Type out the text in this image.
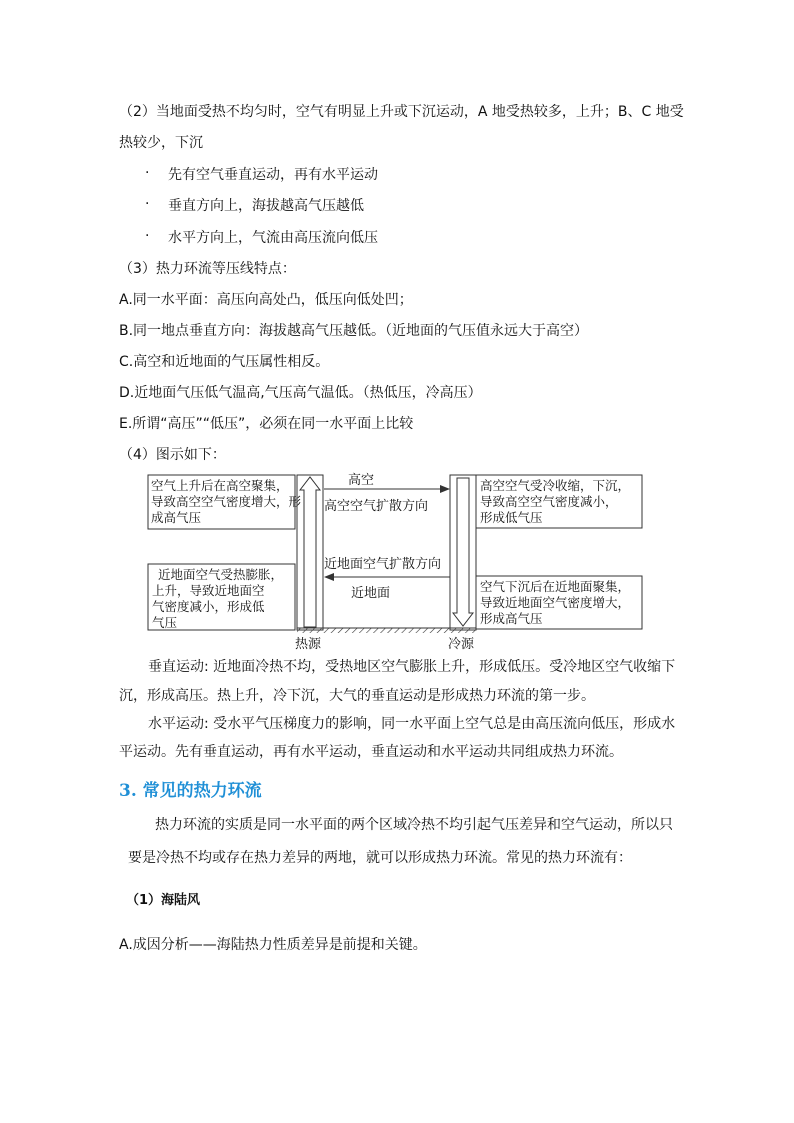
（2）当地面受热不均匀时，空气有明显上升或下沉运动，A 地受热较多，上升；B、C 地受
热较少，下沉
· 先有空气垂直运动，再有水平运动
· 垂直方向上，海拔越高气压越低
· 水平方向上，气流由高压流向低压
（3）热力环流等压线特点：
A.同一水平面：高压向高处凸，低压向低处凹；
B.同一地点垂直方向：海拔越高气压越低。（近地面的气压值永远大于高空）
C.高空和近地面的气压属性相反。
D.近地面气压低气温高,气压高气温低。（热低压，冷高压）
E.所谓“高压”“低压”，必须在同一水平面上比较
（4）图示如下：
空气上升后在高空聚集，
导致高空空气密度增大，形
成高气压
高空空气受冷收缩，下沉，
导致高空空气密度减小，
形成低气压
近地面空气受热膨胀，
上升，导致近地面空
气密度减小，形成低
气压
空气下沉后在近地面聚集，
导致近地面空气密度增大，
形成高气压
高空
高空空气扩散方向
近地面空气扩散方向
近地面
热源	冷源
垂直运动: 近地面冷热不均，受热地区空气膨胀上升，形成低压。受冷地区空气收缩下
沉，形成高压。热上升，冷下沉，大气的垂直运动是形成热力环流的第一步。
水平运动: 受水平气压梯度力的影响，同一水平面上空气总是由高压流向低压，形成水
平运动。先有垂直运动，再有水平运动，垂直运动和水平运动共同组成热力环流。
3. 常见的热力环流
热力环流的实质是同一水平面的两个区域冷热不均引起气压差异和空气运动，所以只
要是冷热不均或存在热力差异的两地，就可以形成热力环流。常见的热力环流有：
（1）海陆风
A.成因分析——海陆热力性质差异是前提和关键。
